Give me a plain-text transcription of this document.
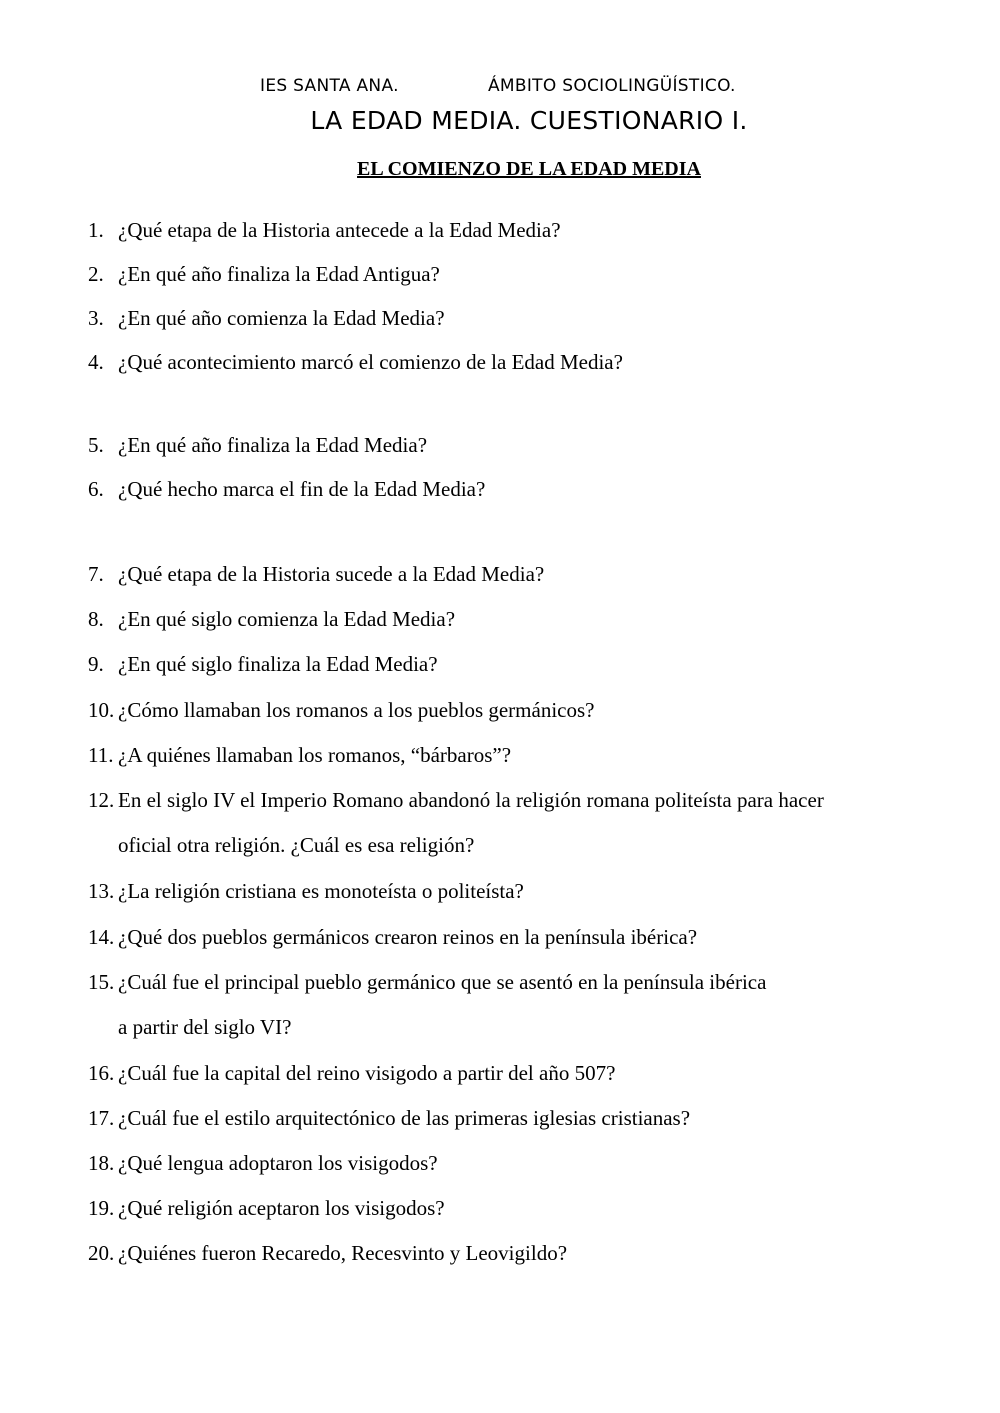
IES SANTA ANA.	ÁMBITO SOCIOLINGÜÍSTICO.
LA EDAD MEDIA. CUESTIONARIO I.
EL COMIENZO DE LA EDAD MEDIA
1. ¿Qué etapa de la Historia antecede a la Edad Media?
2. ¿En qué año finaliza la Edad Antigua?
3. ¿En qué año comienza la Edad Media?
4. ¿Qué acontecimiento marcó el comienzo de la Edad Media?
5. ¿En qué año finaliza la Edad Media?
6. ¿Qué hecho marca el fin de la Edad Media?
7. ¿Qué etapa de la Historia sucede a la Edad Media?
8. ¿En qué siglo comienza la Edad Media?
9. ¿En qué siglo finaliza la Edad Media?
10. ¿Cómo llamaban los romanos a los pueblos germánicos?
11. ¿A quiénes llamaban los romanos, “bárbaros”?
12. En el siglo IV el Imperio Romano abandonó la religión romana politeísta para hacer
oficial otra religión. ¿Cuál es esa religión?
13. ¿La religión cristiana es monoteísta o politeísta?
14. ¿Qué dos pueblos germánicos crearon reinos en la península ibérica?
15. ¿Cuál fue el principal pueblo germánico que se asentó en la península ibérica
a partir del siglo VI?
16. ¿Cuál fue la capital del reino visigodo a partir del año 507?
17. ¿Cuál fue el estilo arquitectónico de las primeras iglesias cristianas?
18. ¿Qué lengua adoptaron los visigodos?
19. ¿Qué religión aceptaron los visigodos?
20. ¿Quiénes fueron Recaredo, Recesvinto y Leovigildo?
